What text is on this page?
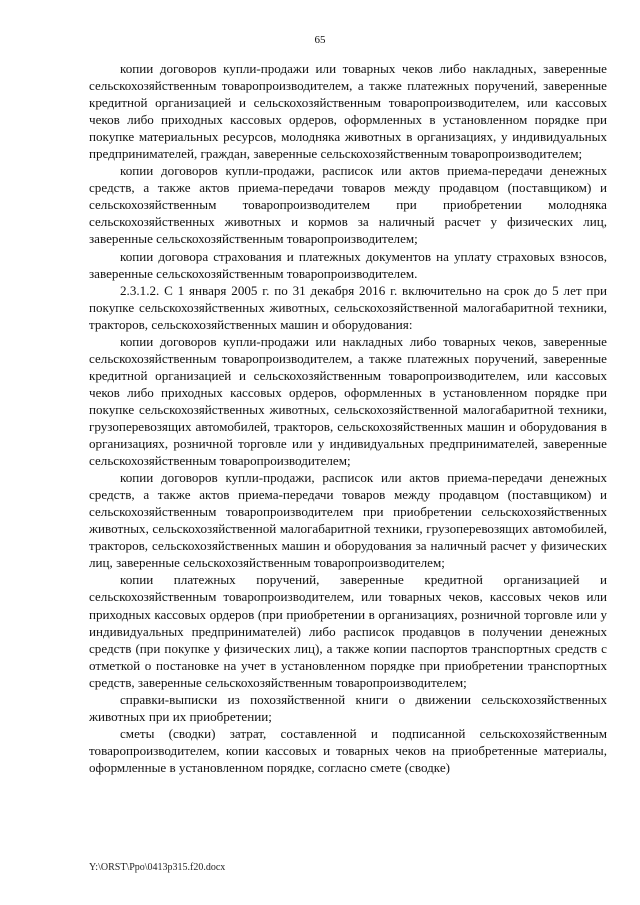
65

копии договоров купли-продажи или товарных чеков либо накладных, заверенные сельскохозяйственным товаропроизводителем, а также платежных поручений, заверенные кредитной организацией и сельскохозяйственным товаропроизводителем, или кассовых чеков либо приходных кассовых ордеров, оформленных в установленном порядке при покупке материальных ресурсов, молодняка животных в организациях, у индивидуальных предпринимателей, граждан, заверенные сельскохозяйственным товаропроизводителем;

копии договоров купли-продажи, расписок или актов приема-передачи денежных средств, а также актов приема-передачи товаров между продавцом (поставщиком) и сельскохозяйственным товаропроизводителем при приобретении молодняка сельскохозяйственных животных и кормов за наличный расчет у физических лиц, заверенные сельскохозяйственным товаропроизводителем;

копии договора страхования и платежных документов на уплату страховых взносов, заверенные сельскохозяйственным товаропроизводителем.

2.3.1.2. С 1 января 2005 г. по 31 декабря 2016 г. включительно на срок до 5 лет при покупке сельскохозяйственных животных, сельскохозяйственной малогабаритной техники, тракторов, сельскохозяйственных машин и оборудования:

копии договоров купли-продажи или накладных либо товарных чеков, заверенные сельскохозяйственным товаропроизводителем, а также платежных поручений, заверенные кредитной организацией и сельскохозяйственным товаропроизводителем, или кассовых чеков либо приходных кассовых ордеров, оформленных в установленном порядке при покупке сельскохозяйственных животных, сельскохозяйственной малогабаритной техники, грузоперевозящих автомобилей, тракторов, сельскохозяйственных машин и оборудования в организациях, розничной торговле или у индивидуальных предпринимателей, заверенные сельскохозяйственным товаропроизводителем;

копии договоров купли-продажи, расписок или актов приема-передачи денежных средств, а также актов приема-передачи товаров между продавцом (поставщиком) и сельскохозяйственным товаропроизводителем при приобретении сельскохозяйственных животных, сельскохозяйственной малогабаритной техники, грузоперевозящих автомобилей, тракторов, сельскохозяйственных машин и оборудования за наличный расчет у физических лиц, заверенные сельскохозяйственным товаропроизводителем;

копии платежных поручений, заверенные кредитной организацией и сельскохозяйственным товаропроизводителем, или товарных чеков, кассовых чеков или приходных кассовых ордеров (при приобретении в организациях, розничной торговле или у индивидуальных предпринимателей) либо расписок продавцов в получении денежных средств (при покупке у физических лиц), а также копии паспортов транспортных средств с отметкой о постановке на учет в установленном порядке при приобретении транспортных средств, заверенные сельскохозяйственным товаропроизводителем;

справки-выписки из похозяйственной книги о движении сельскохозяйственных животных при их приобретении;

сметы (сводки) затрат, составленной и подписанной сельскохозяйственным товаропроизводителем, копии кассовых и товарных чеков на приобретенные материалы, оформленные в установленном порядке, согласно смете (сводке)

Y:\ORST\Ppo\0413p315.f20.docx
